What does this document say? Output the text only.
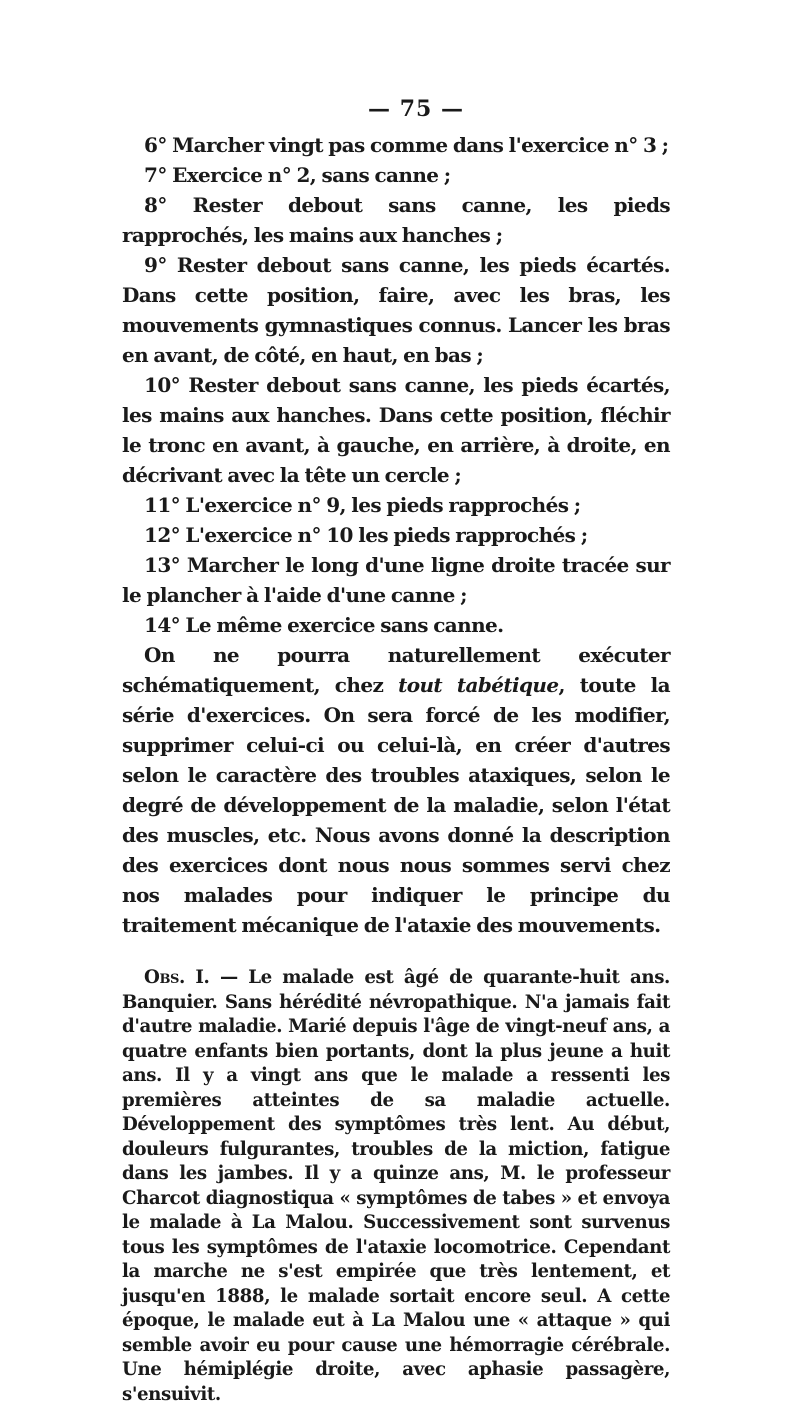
— 75 —

6° Marcher vingt pas comme dans l'exercice n° 3 ;

7° Exercice n° 2, sans canne ;

8° Rester debout sans canne, les pieds rapprochés, les mains aux hanches ;

9° Rester debout sans canne, les pieds écartés. Dans cette position, faire, avec les bras, les mouvements gymnastiques connus. Lancer les bras en avant, de côté, en haut, en bas ;

10° Rester debout sans canne, les pieds écartés, les mains aux hanches. Dans cette position, fléchir le tronc en avant, à gauche, en arrière, à droite, en décrivant avec la tête un cercle ;

11° L'exercice n° 9, les pieds rapprochés ;

12° L'exercice n° 10 les pieds rapprochés ;

13° Marcher le long d'une ligne droite tracée sur le plancher à l'aide d'une canne ;

14° Le même exercice sans canne.

On ne pourra naturellement exécuter schématiquement, chez tout tabétique, toute la série d'exercices. On sera forcé de les modifier, supprimer celui-ci ou celui-là, en créer d'autres selon le caractère des troubles ataxiques, selon le degré de développement de la maladie, selon l'état des muscles, etc. Nous avons donné la description des exercices dont nous nous sommes servi chez nos malades pour indiquer le principe du traitement mécanique de l'ataxie des mouvements.

Obs. I. — Le malade est âgé de quarante-huit ans. Banquier. Sans hérédité névropathique. N'a jamais fait d'autre maladie. Marié depuis l'âge de vingt-neuf ans, a quatre enfants bien portants, dont la plus jeune a huit ans. Il y a vingt ans que le malade a ressenti les premières atteintes de sa maladie actuelle. Développement des symptômes très lent. Au début, douleurs fulgurantes, troubles de la miction, fatigue dans les jambes. Il y a quinze ans, M. le professeur Charcot diagnostiqua « symptômes de tabes » et envoya le malade à La Malou. Successivement sont survenus tous les symptômes de l'ataxie locomotrice. Cependant la marche ne s'est empirée que très lentement, et jusqu'en 1888, le malade sortait encore seul. A cette époque, le malade eut à La Malou une « attaque » qui semble avoir eu pour cause une hémorragie cérébrale. Une hémiplégie droite, avec aphasie passagère, s'ensuivit.
